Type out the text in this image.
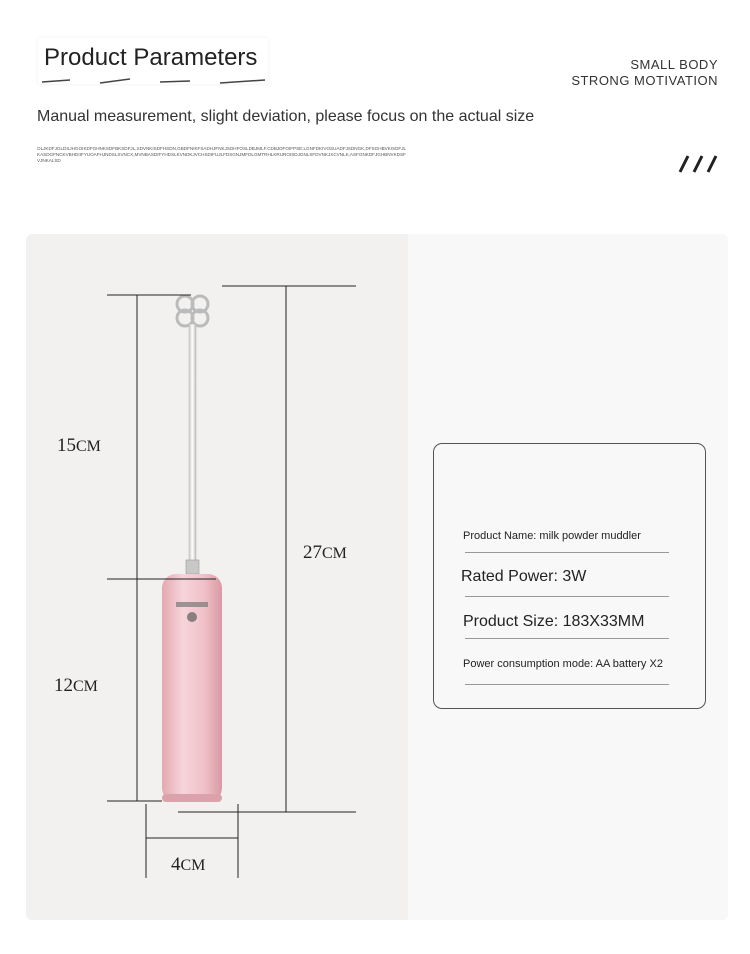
Product Parameters	SMALL BODY
STRONG MOTIVATION
Manual measurement, slight deviation, please focus on the actual size
OLJKDFJGLDSJHGOIKDFGHNKSDFBKSDFJL,SDVNKISDFHSDN,GBDFNIKFSADHJFNKJSDHFOSLDBJMLF.CDBJDFOIFPSE;LGNFDKIVOSUADFJSDNGK,DFSGHBVKISDFJLKASDGFNCKVBHDIIFYUOAFHJNDSLSVNCX,MVNBASDIFYHDSLKVNDKJVCHSDIFUJLFDSGNJMFDLGMTRHLKRUROISDJGNLSFDVNKJXCVNLK,ASFGNKDFJGHBNVKDSFVJNKALSD
15CM
27CM
12CM
4CM
Product Name: milk powder muddler
Rated Power: 3W
Product Size: 183X33MM
Power consumption mode: AA battery X2
